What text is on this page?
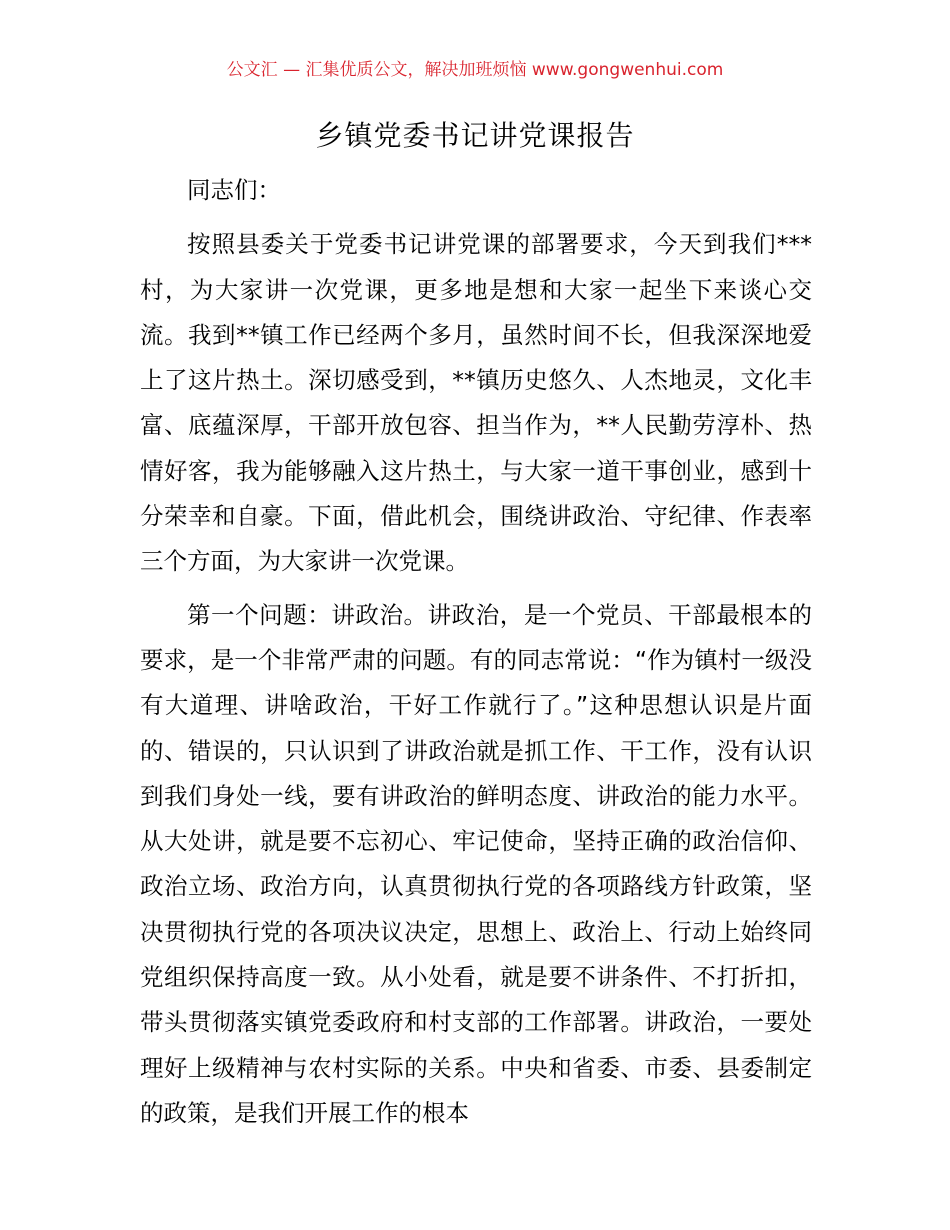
公文汇 — 汇集优质公文，解决加班烦恼 www.gongwenhui.com
乡镇党委书记讲党课报告

同志们：

按照县委关于党委书记讲党课的部署要求，今天到我们***村，为大家讲一次党课，更多地是想和大家一起坐下来谈心交流。我到**镇工作已经两个多月，虽然时间不长，但我深深地爱上了这片热土。深切感受到，**镇历史悠久、人杰地灵，文化丰富、底蕴深厚，干部开放包容、担当作为，**人民勤劳淳朴、热情好客，我为能够融入这片热土，与大家一道干事创业，感到十分荣幸和自豪。下面，借此机会，围绕讲政治、守纪律、作表率三个方面，为大家讲一次党课。

第一个问题：讲政治。讲政治，是一个党员、干部最根本的要求，是一个非常严肃的问题。有的同志常说：“作为镇村一级没有大道理、讲啥政治，干好工作就行了。”这种思想认识是片面的、错误的，只认识到了讲政治就是抓工作、干工作，没有认识到我们身处一线，要有讲政治的鲜明态度、讲政治的能力水平。从大处讲，就是要不忘初心、牢记使命，坚持正确的政治信仰、政治立场、政治方向，认真贯彻执行党的各项路线方针政策，坚决贯彻执行党的各项决议决定，思想上、政治上、行动上始终同党组织保持高度一致。从小处看，就是要不讲条件、不打折扣，带头贯彻落实镇党委政府和村支部的工作部署。讲政治，一要处理好上级精神与农村实际的关系。中央和省委、市委、县委制定的政策，是我们开展工作的根本
